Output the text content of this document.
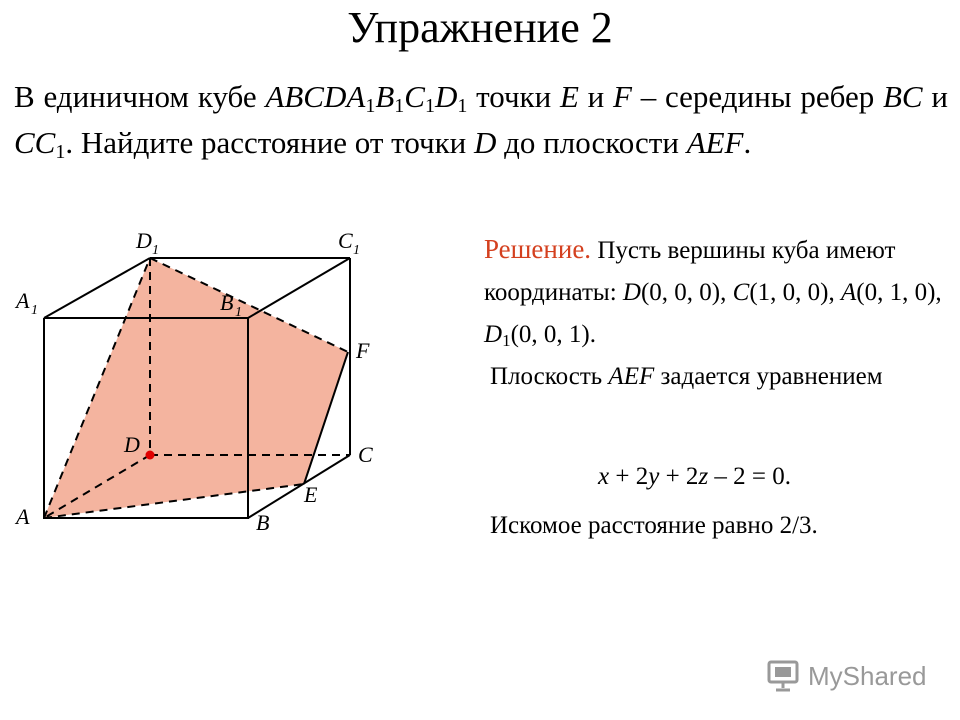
Упражнение 2
В единичном кубе $ABCDA_1B_1C_1D_1$ точки E и F – середины ребер BC и $CC_1$. Найдите расстояние от точки D до плоскости AEF.
A	B
C
D
E
F
A	B
C
D
1	1
1
1	Решение. Пусть вершины куба имеют координаты: D(0, 0, 0), C(1, 0, 0), A(0, 1, 0), $D_1(0$, 0, 1).
Плоскость AEF задается уравнением
x + 2y + 2z – 2 = 0.
Искомое расстояние равно 2/3.
MyShared
